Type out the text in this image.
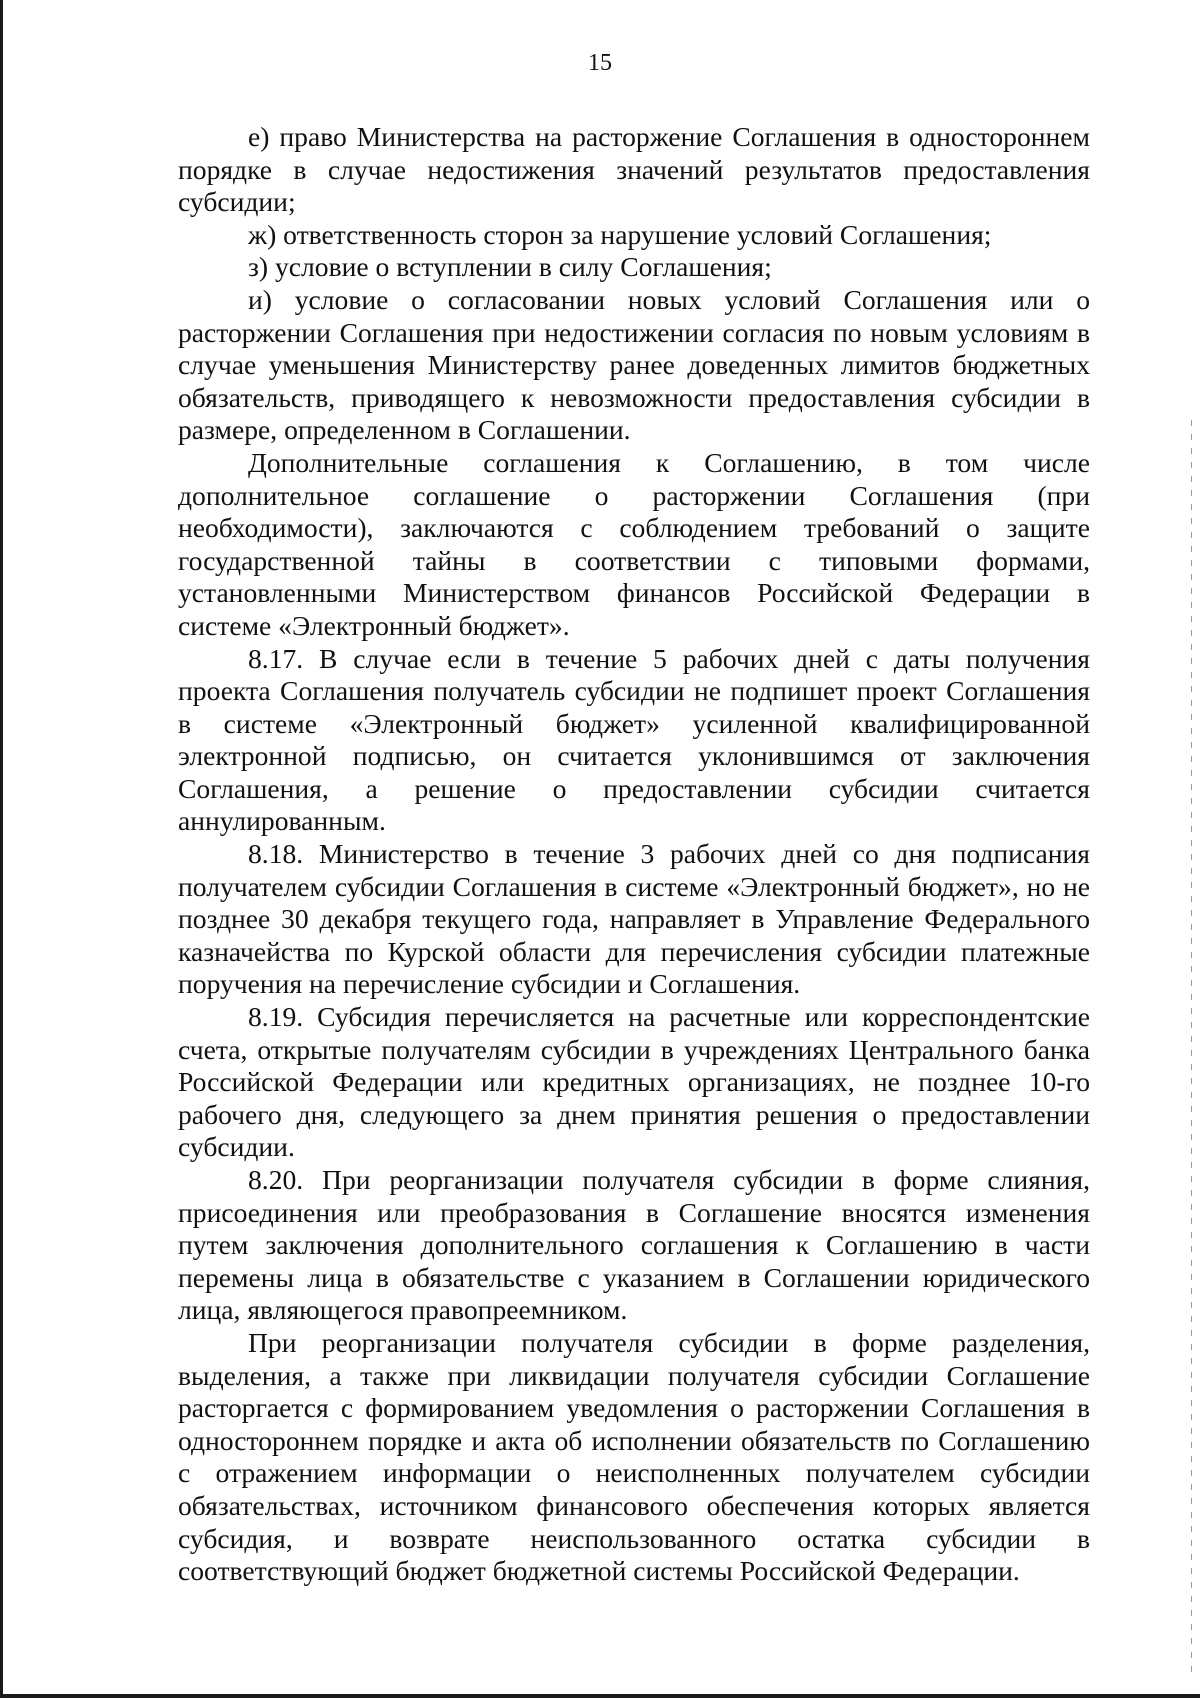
15

е) право Министерства на расторжение Соглашения в одностороннем порядке в случае недостижения значений результатов предоставления субсидии;

ж) ответственность сторон за нарушение условий Соглашения;

з) условие о вступлении в силу Соглашения;

и) условие о согласовании новых условий Соглашения или о расторжении Соглашения при недостижении согласия по новым условиям в случае уменьшения Министерству ранее доведенных лимитов бюджетных обязательств, приводящего к невозможности предоставления субсидии в размере, определенном в Соглашении.

Дополнительные соглашения к Соглашению, в том числе дополнительное соглашение о расторжении Соглашения (при необходимости), заключаются с соблюдением требований о защите государственной тайны в соответствии с типовыми формами, установленными Министерством финансов Российской Федерации в системе «Электронный бюджет».

8.17. В случае если в течение 5 рабочих дней с даты получения проекта Соглашения получатель субсидии не подпишет проект Соглашения в системе «Электронный бюджет» усиленной квалифицированной электронной подписью, он считается уклонившимся от заключения Соглашения, а решение о предоставлении субсидии считается аннулированным.

8.18. Министерство в течение 3 рабочих дней со дня подписания получателем субсидии Соглашения в системе «Электронный бюджет», но не позднее 30 декабря текущего года, направляет в Управление Федерального казначейства по Курской области для перечисления субсидии платежные поручения на перечисление субсидии и Соглашения.

8.19. Субсидия перечисляется на расчетные или корреспондентские счета, открытые получателям субсидии в учреждениях Центрального банка Российской Федерации или кредитных организациях, не позднее 10-го рабочего дня, следующего за днем принятия решения о предоставлении субсидии.

8.20. При реорганизации получателя субсидии в форме слияния, присоединения или преобразования в Соглашение вносятся изменения путем заключения дополнительного соглашения к Соглашению в части перемены лица в обязательстве с указанием в Соглашении юридического лица, являющегося правопреемником.

При реорганизации получателя субсидии в форме разделения, выделения, а также при ликвидации получателя субсидии Соглашение расторгается с формированием уведомления о расторжении Соглашения в одностороннем порядке и акта об исполнении обязательств по Соглашению с отражением информации о неисполненных получателем субсидии обязательствах, источником финансового обеспечения которых является субсидия, и возврате неиспользованного остатка субсидии в соответствующий бюджет бюджетной системы Российской Федерации.
